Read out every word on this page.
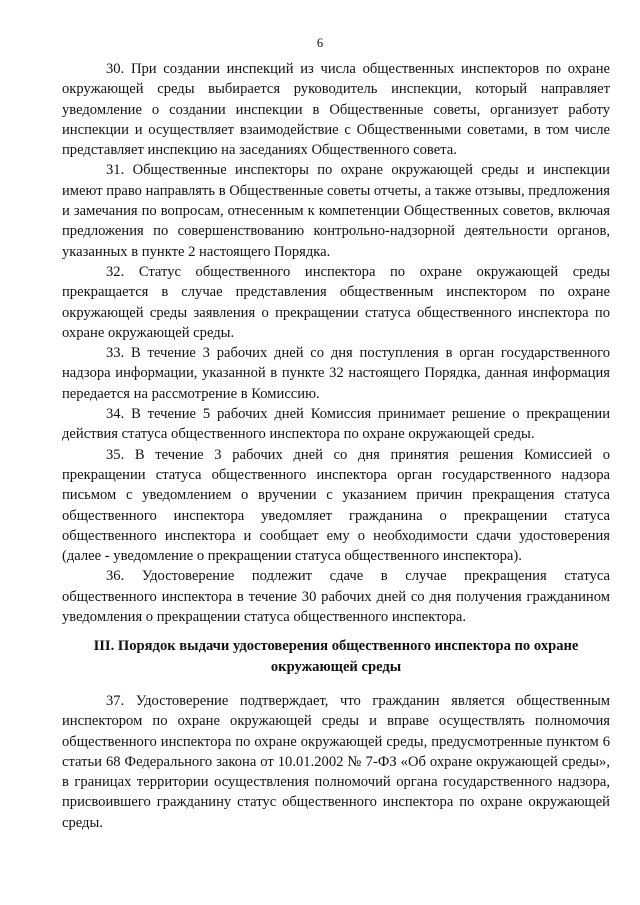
6

30. При создании инспекций из числа общественных инспекторов по охране окружающей среды выбирается руководитель инспекции, который направляет уведомление о создании инспекции в Общественные советы, организует работу инспекции и осуществляет взаимодействие с Общественными советами, в том числе представляет инспекцию на заседаниях Общественного совета.

31. Общественные инспекторы по охране окружающей среды и инспекции имеют право направлять в Общественные советы отчеты, а также отзывы, предложения и замечания по вопросам, отнесенным к компетенции Общественных советов, включая предложения по совершенствованию контрольно-надзорной деятельности органов, указанных в пункте 2 настоящего Порядка.

32. Статус общественного инспектора по охране окружающей среды прекращается в случае представления общественным инспектором по охране окружающей среды заявления о прекращении статуса общественного инспектора по охране окружающей среды.

33. В течение 3 рабочих дней со дня поступления в орган государственного надзора информации, указанной в пункте 32 настоящего Порядка, данная информация передается на рассмотрение в Комиссию.

34. В течение 5 рабочих дней Комиссия принимает решение о прекращении действия статуса общественного инспектора по охране окружающей среды.

35. В течение 3 рабочих дней со дня принятия решения Комиссией о прекращении статуса общественного инспектора орган государственного надзора письмом с уведомлением о вручении с указанием причин прекращения статуса общественного инспектора уведомляет гражданина о прекращении статуса общественного инспектора и сообщает ему о необходимости сдачи удостоверения (далее - уведомление о прекращении статуса общественного инспектора).

36. Удостоверение подлежит сдаче в случае прекращения статуса общественного инспектора в течение 30 рабочих дней со дня получения гражданином уведомления о прекращении статуса общественного инспектора.

III. Порядок выдачи удостоверения общественного инспектора по охране окружающей среды

37. Удостоверение подтверждает, что гражданин является общественным инспектором по охране окружающей среды и вправе осуществлять полномочия общественного инспектора по охране окружающей среды, предусмотренные пунктом 6 статьи 68 Федерального закона от 10.01.2002 № 7-ФЗ «Об охране окружающей среды», в границах территории осуществления полномочий органа государственного надзора, присвоившего гражданину статус общественного инспектора по охране окружающей среды.
